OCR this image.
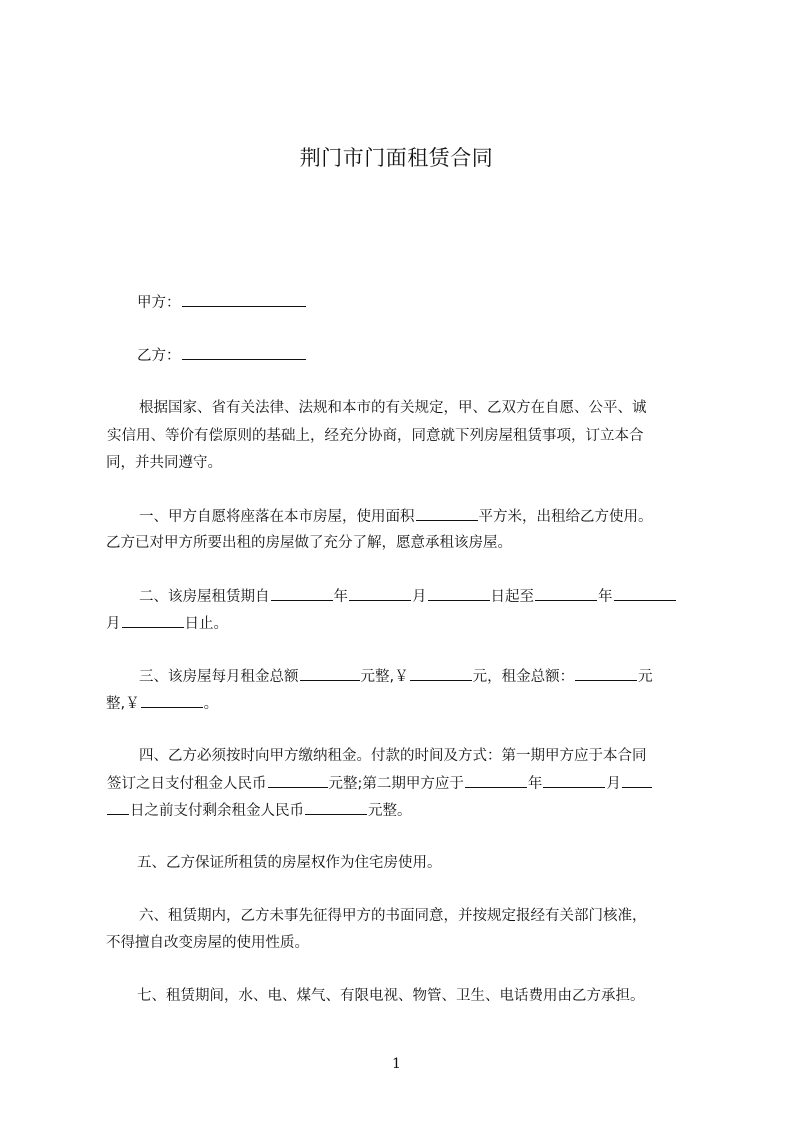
荆门市门面租赁合同

甲方：

乙方：

根据国家、省有关法律、法规和本市的有关规定，甲、乙双方在自愿、公平、诚

实信用、等价有偿原则的基础上，经充分协商，同意就下列房屋租赁事项，订立本合

同，并共同遵守。

一、甲方自愿将座落在本市房屋，使用面积	平方米，出租给乙方使用。

乙方已对甲方所要出租的房屋做了充分了解，愿意承租该房屋。

二、该房屋租赁期自	年	月	日起至	年

月	日止。

三、该房屋每月租金总额	元整,￥	元，租金总额：	元

整,￥	。

四、乙方必须按时向甲方缴纳租金。付款的时间及方式：第一期甲方应于本合同

签订之日支付租金人民币	元整;第二期甲方应于	年	月

日之前支付剩余租金人民币	元整。

五、乙方保证所租赁的房屋权作为住宅房使用。

六、租赁期内，乙方未事先征得甲方的书面同意，并按规定报经有关部门核准，

不得擅自改变房屋的使用性质。

七、租赁期间，水、电、煤气、有限电视、物管、卫生、电话费用由乙方承担。

1
